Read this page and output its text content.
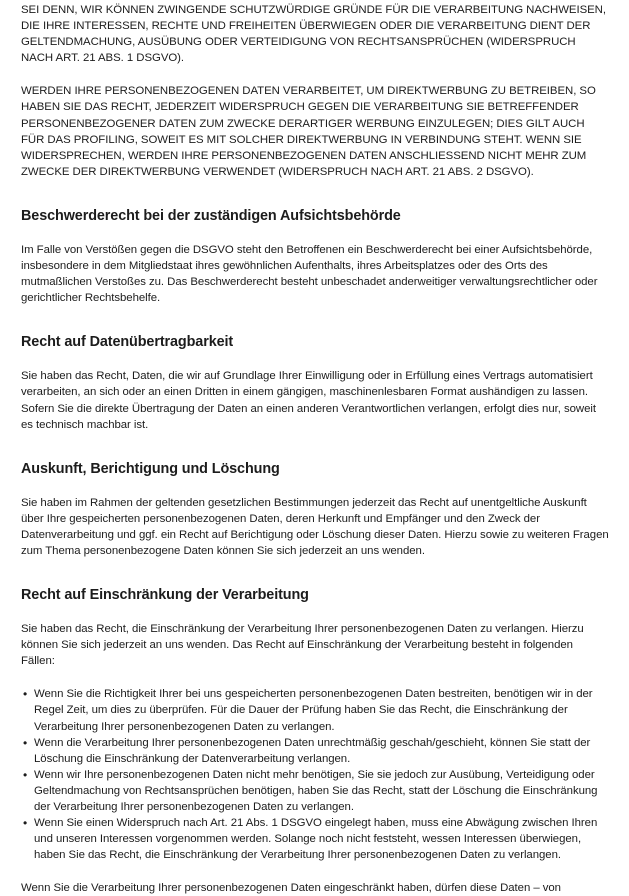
SEI DENN, WIR KÖNNEN ZWINGENDE SCHUTZWÜRDIGE GRÜNDE FÜR DIE VERARBEITUNG NACHWEISEN, DIE IHRE INTERESSEN, RECHTE UND FREIHEITEN ÜBERWIEGEN ODER DIE VERARBEITUNG DIENT DER GELTENDMACHUNG, AUSÜBUNG ODER VERTEIDIGUNG VON RECHTSANSPRÜCHEN (WIDERSPRUCH NACH ART. 21 ABS. 1 DSGVO).

WERDEN IHRE PERSONENBEZOGENEN DATEN VERARBEITET, UM DIREKTWERBUNG ZU BETREIBEN, SO HABEN SIE DAS RECHT, JEDERZEIT WIDERSPRUCH GEGEN DIE VERARBEITUNG SIE BETREFFENDER PERSONENBEZOGENER DATEN ZUM ZWECKE DERARTIGER WERBUNG EINZULEGEN; DIES GILT AUCH FÜR DAS PROFILING, SOWEIT ES MIT SOLCHER DIREKTWERBUNG IN VERBINDUNG STEHT. WENN SIE WIDERSPRECHEN, WERDEN IHRE PERSONENBEZOGENEN DATEN ANSCHLIESSEND NICHT MEHR ZUM ZWECKE DER DIREKTWERBUNG VERWENDET (WIDERSPRUCH NACH ART. 21 ABS. 2 DSGVO).

Beschwerderecht bei der zuständigen Aufsichtsbehörde

Im Falle von Verstößen gegen die DSGVO steht den Betroffenen ein Beschwerderecht bei einer Aufsichtsbehörde, insbesondere in dem Mitgliedstaat ihres gewöhnlichen Aufenthalts, ihres Arbeitsplatzes oder des Orts des mutmaßlichen Verstoßes zu. Das Beschwerderecht besteht unbeschadet anderweitiger verwaltungsrechtlicher oder gerichtlicher Rechtsbehelfe.

Recht auf Datenübertragbarkeit

Sie haben das Recht, Daten, die wir auf Grundlage Ihrer Einwilligung oder in Erfüllung eines Vertrags automatisiert verarbeiten, an sich oder an einen Dritten in einem gängigen, maschinenlesbaren Format aushändigen zu lassen. Sofern Sie die direkte Übertragung der Daten an einen anderen Verantwortlichen verlangen, erfolgt dies nur, soweit es technisch machbar ist.

Auskunft, Berichtigung und Löschung

Sie haben im Rahmen der geltenden gesetzlichen Bestimmungen jederzeit das Recht auf unentgeltliche Auskunft über Ihre gespeicherten personenbezogenen Daten, deren Herkunft und Empfänger und den Zweck der Datenverarbeitung und ggf. ein Recht auf Berichtigung oder Löschung dieser Daten. Hierzu sowie zu weiteren Fragen zum Thema personenbezogene Daten können Sie sich jederzeit an uns wenden.

Recht auf Einschränkung der Verarbeitung

Sie haben das Recht, die Einschränkung der Verarbeitung Ihrer personenbezogenen Daten zu verlangen. Hierzu können Sie sich jederzeit an uns wenden. Das Recht auf Einschränkung der Verarbeitung besteht in folgenden Fällen:

• Wenn Sie die Richtigkeit Ihrer bei uns gespeicherten personenbezogenen Daten bestreiten, benötigen wir in der Regel Zeit, um dies zu überprüfen. Für die Dauer der Prüfung haben Sie das Recht, die Einschränkung der Verarbeitung Ihrer personenbezogenen Daten zu verlangen.
• Wenn die Verarbeitung Ihrer personenbezogenen Daten unrechtmäßig geschah/geschieht, können Sie statt der Löschung die Einschränkung der Datenverarbeitung verlangen.
• Wenn wir Ihre personenbezogenen Daten nicht mehr benötigen, Sie sie jedoch zur Ausübung, Verteidigung oder Geltendmachung von Rechtsansprüchen benötigen, haben Sie das Recht, statt der Löschung die Einschränkung der Verarbeitung Ihrer personenbezogenen Daten zu verlangen.
• Wenn Sie einen Widerspruch nach Art. 21 Abs. 1 DSGVO eingelegt haben, muss eine Abwägung zwischen Ihren und unseren Interessen vorgenommen werden. Solange noch nicht feststeht, wessen Interessen überwiegen, haben Sie das Recht, die Einschränkung der Verarbeitung Ihrer personenbezogenen Daten zu verlangen.

Wenn Sie die Verarbeitung Ihrer personenbezogenen Daten eingeschränkt haben, dürfen diese Daten – von
